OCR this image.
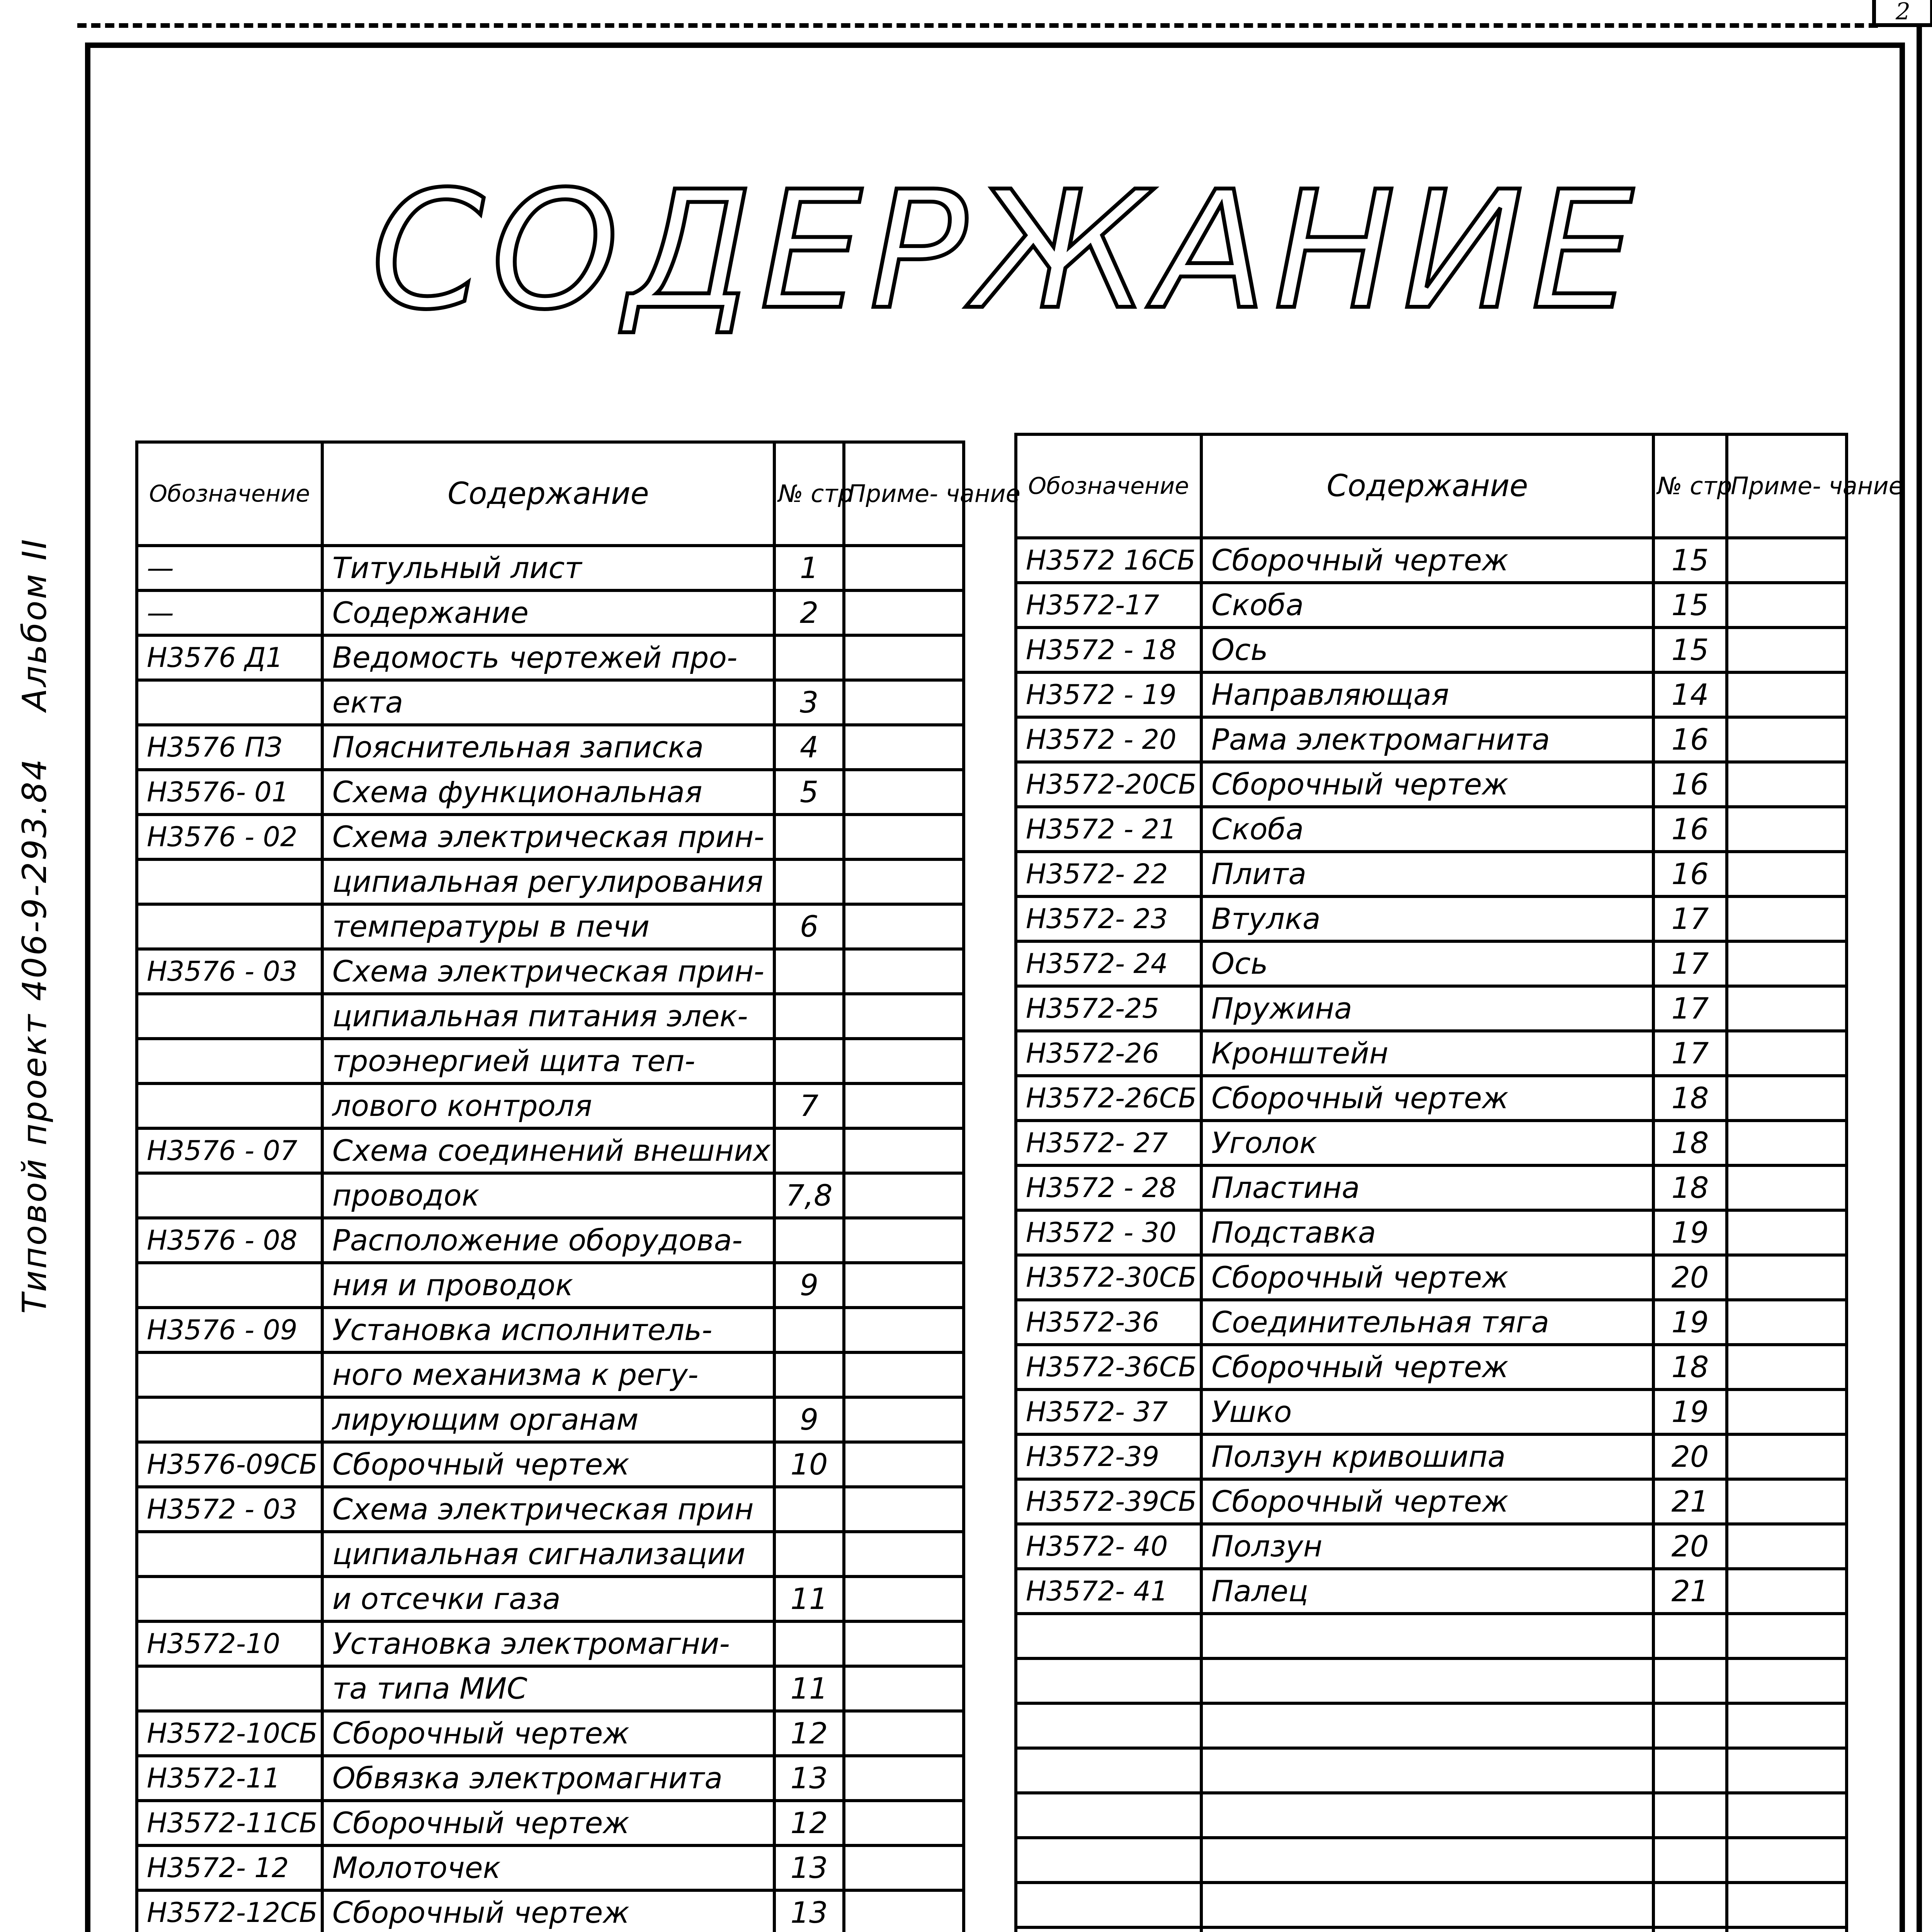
2
Типовой проект 406-9-293.84
Альбом II
СОДЕРЖАНИЕ
Обозначение	Содержание	№ стр	Приме- чание
—	Титульный лист	1	
—	Содержание	2	
Н3576 Д1	Ведомость чертежей про-		
	екта	3	
Н3576 ПЗ	Пояснительная записка	4	
Н3576- 01	Схема функциональная	5	
Н3576 - 02	Схема электрическая прин-		
	ципиальная регулирования		
	температуры в печи	6	
Н3576 - 03	Схема электрическая прин-		
	ципиальная питания элек-		
	троэнергией щита теп-		
	лового контроля	7	
Н3576 - 07	Схема соединений внешних		
	проводок	7,8	
Н3576 - 08	Расположение оборудова-		
	ния и проводок	9	
Н3576 - 09	Установка исполнитель-		
	ного механизма к регу-		
	лирующим органам	9	
Н3576-09СБ	Сборочный чертеж	10	
Н3572 - 03	Схема электрическая прин		
	ципиальная сигнализации		
	и отсечки газа	11	
Н3572-10	Установка электромагни-		
	та типа МИС	11	
Н3572-10СБ	Сборочный чертеж	12	
Н3572-11	Обвязка электромагнита	13	
Н3572-11СБ	Сборочный чертеж	12	
Н3572- 12	Молоточек	13	
Н3572-12СБ	Сборочный чертеж	13	

Обозначение	Содержание	№ стр	Приме- чание
Н3572 16СБ	Сборочный чертеж	15	
Н3572-17	Скоба	15	
Н3572 - 18	Ось	15	
Н3572 - 19	Направляющая	14	
Н3572 - 20	Рама электромагнита	16	
Н3572-20СБ	Сборочный чертеж	16	
Н3572 - 21	Скоба	16	
Н3572- 22	Плита	16	
Н3572- 23	Втулка	17	
Н3572- 24	Ось	17	
Н3572-25	Пружина	17	
Н3572-26	Кронштейн	17	
Н3572-26СБ	Сборочный чертеж	18	
Н3572- 27	Уголок	18	
Н3572 - 28	Пластина	18	
Н3572 - 30	Подставка	19	
Н3572-30СБ	Сборочный чертеж	20	
Н3572-36	Соединительная тяга	19	
Н3572-36СБ	Сборочный чертеж	18	
Н3572- 37	Ушко	19	
Н3572-39	Ползун кривошипа	20	
Н3572-39СБ	Сборочный чертеж	21	
Н3572- 40	Ползун	20	
Н3572- 41	Палец	21	
